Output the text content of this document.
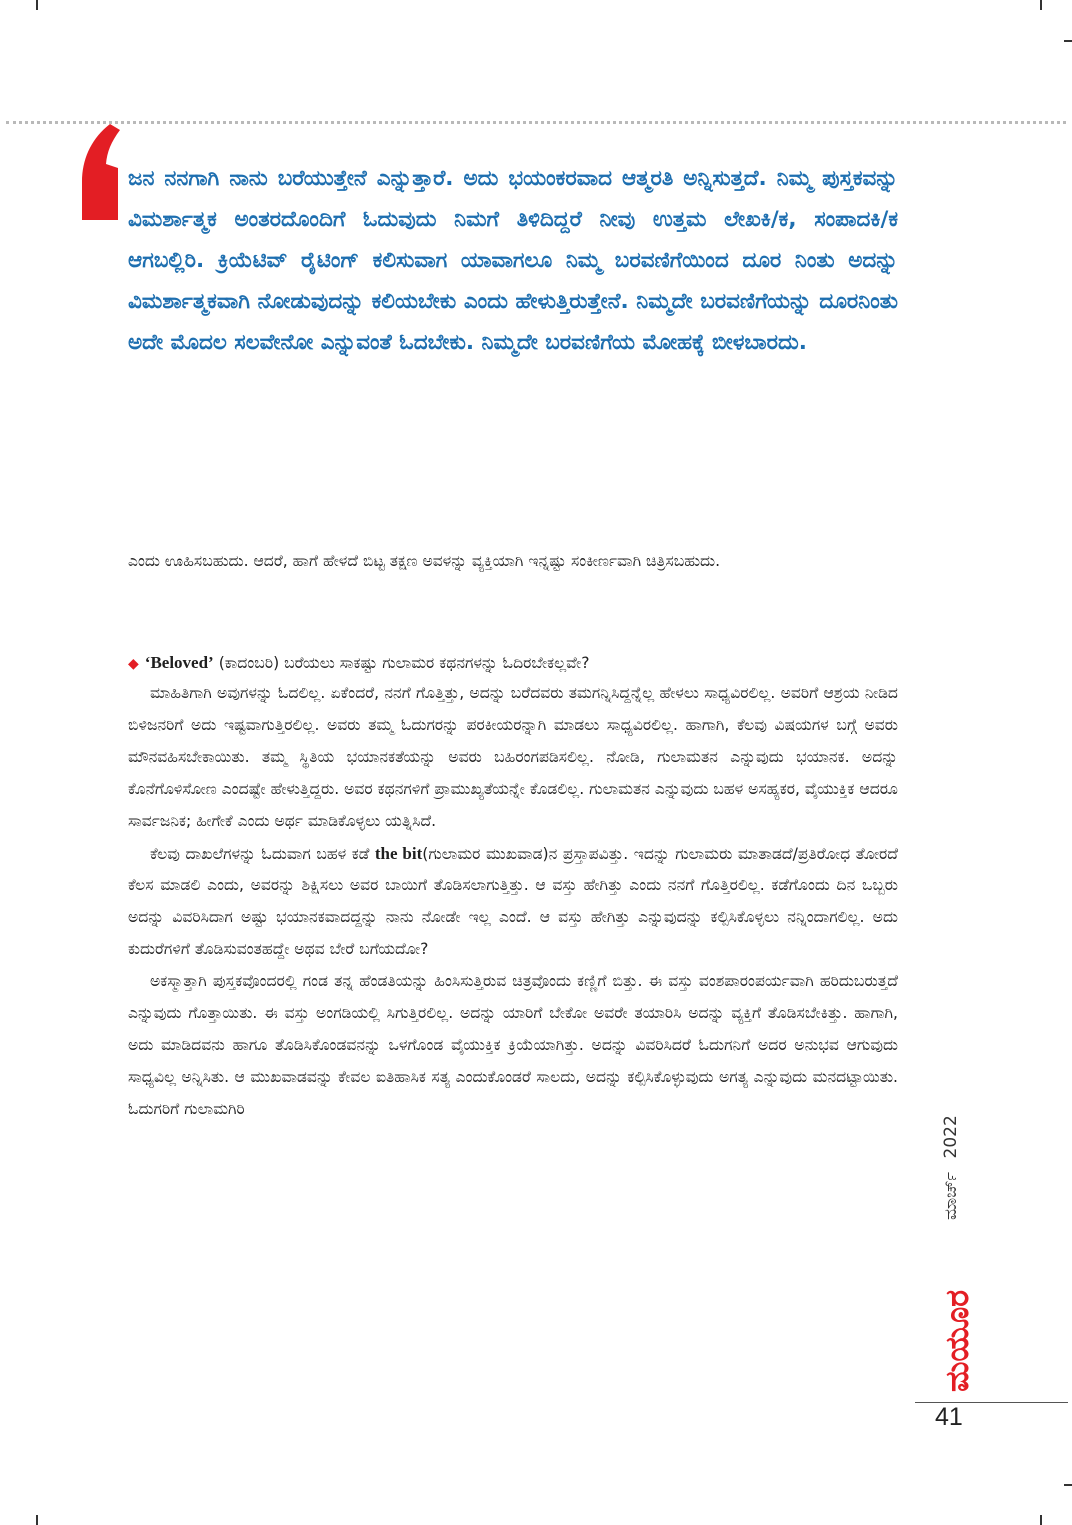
ಜನ ನನಗಾಗಿ ನಾನು ಬರೆಯುತ್ತೇನೆ ಎನ್ನುತ್ತಾರೆ. ಅದು ಭಯಂಕರವಾದ ಆತ್ಮರತಿ ಅನ್ನಿಸುತ್ತದೆ. ನಿಮ್ಮ ಪುಸ್ತಕವನ್ನು ವಿಮರ್ಶಾತ್ಮಕ ಅಂತರದೊಂದಿಗೆ ಓದುವುದು ನಿಮಗೆ ತಿಳಿದಿದ್ದರೆ ನೀವು ಉತ್ತಮ ಲೇಖಕಿ/ಕ, ಸಂಪಾದಕಿ/ಕ ಆಗಬಲ್ಲಿರಿ. ಕ್ರಿಯೆಟಿವ್ ರೈಟಿಂಗ್ ಕಲಿಸುವಾಗ ಯಾವಾಗಲೂ ನಿಮ್ಮ ಬರವಣಿಗೆಯಿಂದ ದೂರ ನಿಂತು ಅದನ್ನು ವಿಮರ್ಶಾತ್ಮಕವಾಗಿ ನೋಡುವುದನ್ನು ಕಲಿಯಬೇಕು ಎಂದು ಹೇಳುತ್ತಿರುತ್ತೇನೆ. ನಿಮ್ಮದೇ ಬರವಣಿಗೆಯನ್ನು ದೂರನಿಂತು ಅದೇ ಮೊದಲ ಸಲವೇನೋ ಎನ್ನುವಂತೆ ಓದಬೇಕು. ನಿಮ್ಮದೇ ಬರವಣಿಗೆಯ ಮೋಹಕ್ಕೆ ಬೀಳಬಾರದು.

ಎಂದು ಊಹಿಸಬಹುದು. ಆದರೆ, ಹಾಗೆ ಹೇಳದೆ ಬಿಟ್ಟ ತಕ್ಷಣ ಅವಳನ್ನು ವ್ಯಕ್ತಿಯಾಗಿ ಇನ್ನಷ್ಟು ಸಂಕೀರ್ಣವಾಗಿ ಚಿತ್ರಿಸಬಹುದು.

◆ ‘Beloved’ (ಕಾದಂಬರಿ) ಬರೆಯಲು ಸಾಕಷ್ಟು ಗುಲಾಮರ ಕಥನಗಳನ್ನು ಓದಿರಬೇಕಲ್ಲವೇ?

ಮಾಹಿತಿಗಾಗಿ ಅವುಗಳನ್ನು ಓದಲಿಲ್ಲ. ಏಕೆಂದರೆ, ನನಗೆ ಗೊತ್ತಿತ್ತು, ಅದನ್ನು ಬರೆದವರು ತಮಗನ್ನಿಸಿದ್ದನ್ನೆಲ್ಲ ಹೇಳಲು ಸಾಧ್ಯವಿರಲಿಲ್ಲ. ಅವರಿಗೆ ಆಶ್ರಯ ನೀಡಿದ ಬಿಳಿಜನರಿಗೆ ಅದು ಇಷ್ಟವಾಗುತ್ತಿರಲಿಲ್ಲ. ಅವರು ತಮ್ಮ ಓದುಗರನ್ನು ಪರಕೀಯರನ್ನಾಗಿ ಮಾಡಲು ಸಾಧ್ಯವಿರಲಿಲ್ಲ. ಹಾಗಾಗಿ, ಕೆಲವು ವಿಷಯಗಳ ಬಗ್ಗೆ ಅವರು ಮೌನವಹಿಸಬೇಕಾಯಿತು. ತಮ್ಮ ಸ್ಥಿತಿಯ ಭಯಾನಕತೆಯನ್ನು ಅವರು ಬಹಿರಂಗಪಡಿಸಲಿಲ್ಲ. ನೋಡಿ, ಗುಲಾಮತನ ಎನ್ನುವುದು ಭಯಾನಕ. ಅದನ್ನು ಕೊನೆಗೊಳಿಸೋಣ ಎಂದಷ್ಟೇ ಹೇಳುತ್ತಿದ್ದರು. ಅವರ ಕಥನಗಳಿಗೆ ಪ್ರಾಮುಖ್ಯತೆಯನ್ನೇ ಕೊಡಲಿಲ್ಲ. ಗುಲಾಮತನ ಎನ್ನುವುದು ಬಹಳ ಅಸಹ್ಯಕರ, ವೈಯುಕ್ತಿಕ ಆದರೂ ಸಾರ್ವಜನಿಕ; ಹೀಗೇಕೆ ಎಂದು ಅರ್ಥ ಮಾಡಿಕೊಳ್ಳಲು ಯತ್ನಿಸಿದೆ.

ಕೆಲವು ದಾಖಲೆಗಳನ್ನು ಓದುವಾಗ ಬಹಳ ಕಡೆ the bit(ಗುಲಾಮರ ಮುಖವಾಡ)ನ ಪ್ರಸ್ತಾಪವಿತ್ತು. ಇದನ್ನು ಗುಲಾಮರು ಮಾತಾಡದೆ/ಪ್ರತಿರೋಧ ತೋರದೆ ಕೆಲಸ ಮಾಡಲಿ ಎಂದು, ಅವರನ್ನು ಶಿಕ್ಷಿಸಲು ಅವರ ಬಾಯಿಗೆ ತೊಡಿಸಲಾಗುತ್ತಿತ್ತು. ಆ ವಸ್ತು ಹೇಗಿತ್ತು ಎಂದು ನನಗೆ ಗೊತ್ತಿರಲಿಲ್ಲ. ಕಡೆಗೊಂದು ದಿನ ಒಬ್ಬರು ಅದನ್ನು ವಿವರಿಸಿದಾಗ ಅಷ್ಟು ಭಯಾನಕವಾದದ್ದನ್ನು ನಾನು ನೋಡೇ ಇಲ್ಲ ಎಂದೆ. ಆ ವಸ್ತು ಹೇಗಿತ್ತು ಎನ್ನುವುದನ್ನು ಕಲ್ಪಿಸಿಕೊಳ್ಳಲು ನನ್ನಿಂದಾಗಲಿಲ್ಲ. ಅದು ಕುದುರೆಗಳಿಗೆ ತೊಡಿಸುವಂತಹದ್ದೇ ಅಥವ ಬೇರೆ ಬಗೆಯದೋ?

ಅಕಸ್ಮಾತ್ತಾಗಿ ಪುಸ್ತಕವೊಂದರಲ್ಲಿ ಗಂಡ ತನ್ನ ಹೆಂಡತಿಯನ್ನು ಹಿಂಸಿಸುತ್ತಿರುವ ಚಿತ್ರವೊಂದು ಕಣ್ಣಿಗೆ ಬಿತ್ತು. ಈ ವಸ್ತು ವಂಶಪಾರಂಪರ್ಯವಾಗಿ ಹರಿದುಬರುತ್ತದೆ ಎನ್ನುವುದು ಗೊತ್ತಾಯಿತು. ಈ ವಸ್ತು ಅಂಗಡಿಯಲ್ಲಿ ಸಿಗುತ್ತಿರಲಿಲ್ಲ. ಅದನ್ನು ಯಾರಿಗೆ ಬೇಕೋ ಅವರೇ ತಯಾರಿಸಿ ಅದನ್ನು ವ್ಯಕ್ತಿಗೆ ತೊಡಿಸಬೇಕಿತ್ತು. ಹಾಗಾಗಿ, ಅದು ಮಾಡಿದವನು ಹಾಗೂ ತೊಡಿಸಿಕೊಂಡವನನ್ನು ಒಳಗೊಂಡ ವೈಯುಕ್ತಿಕ ಕ್ರಿಯೆಯಾಗಿತ್ತು. ಅದನ್ನು ವಿವರಿಸಿದರೆ ಓದುಗನಿಗೆ ಅದರ ಅನುಭವ ಆಗುವುದು ಸಾಧ್ಯವಿಲ್ಲ ಅನ್ನಿಸಿತು. ಆ ಮುಖವಾಡವನ್ನು ಕೇವಲ ಐತಿಹಾಸಿಕ ಸತ್ಯ ಎಂದುಕೊಂಡರೆ ಸಾಲದು, ಅದನ್ನು ಕಲ್ಪಿಸಿಕೊಳ್ಳುವುದು ಅಗತ್ಯ ಎನ್ನುವುದು ಮನದಟ್ಟಾಯಿತು. ಓದುಗರಿಗೆ ಗುಲಾಮಗಿರಿ

ಮಾರ್ಚ್ 2022
ಮಯೂರ
41
